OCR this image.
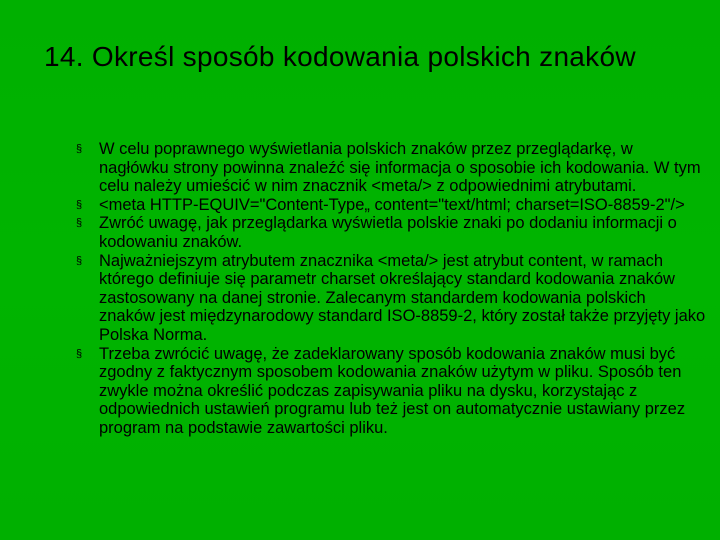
14. Określ sposób kodowania polskich znaków
§ W celu poprawnego wyświetlania polskich znaków przez przeglądarkę, w nagłówku strony powinna znaleźć się informacja o sposobie ich kodowania. W tym celu należy umieścić w nim znacznik <meta/> z odpowiednimi atrybutami.
§ <meta HTTP-EQUIV="Content-Type„ content="text/html; charset=ISO-8859-2"/>
§ Zwróć uwagę, jak przeglądarka wyświetla polskie znaki po dodaniu informacji o kodowaniu znaków.
§ Najważniejszym atrybutem znacznika <meta/> jest atrybut content, w ramach którego definiuje się parametr charset określający standard kodowania znaków zastosowany na danej stronie. Zalecanym standardem kodowania polskich znaków jest międzynarodowy standard ISO-8859-2, który został także przyjęty jako Polska Norma.
§ Trzeba zwrócić uwagę, że zadeklarowany sposób kodowania znaków musi być zgodny z faktycznym sposobem kodowania znaków użytym w pliku. Sposób ten zwykle można określić podczas zapisywania pliku na dysku, korzystając z odpowiednich ustawień programu lub też jest on automatycznie ustawiany przez program na podstawie zawartości pliku.
